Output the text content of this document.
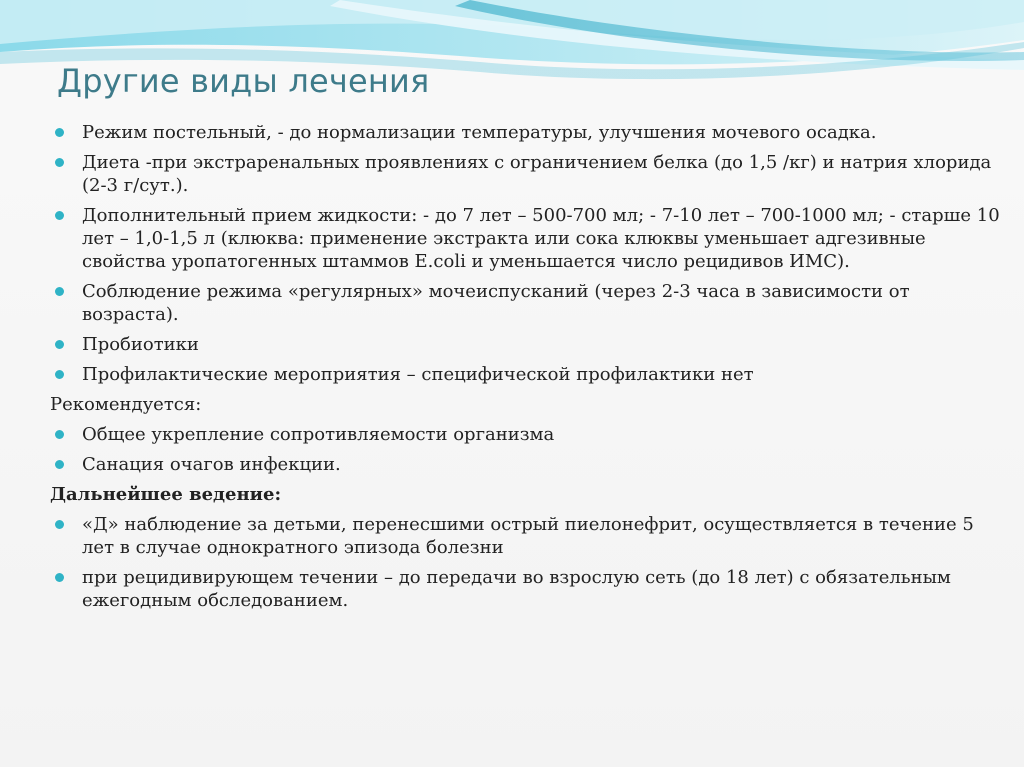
Другие виды лечения
Режим постельный, - до нормализации температуры, улучшения мочевого осадка.
Диета -при экстраренальных проявлениях с ограничением белка (до 1,5 /кг) и натрия хлорида (2-3 г/сут.).
Дополнительный прием жидкости: - до 7 лет – 500-700 мл; - 7-10 лет – 700-1000 мл; - старше 10 лет – 1,0-1,5 л (клюква: применение экстракта или сока клюквы уменьшает адгезивные свойства уропатогенных штаммов E.coli и уменьшается число рецидивов ИМС).
Соблюдение режима «регулярных» мочеиспусканий (через 2-3 часа в зависимости от возраста).
Пробиотики
Профилактические мероприятия – специфической профилактики нет
Рекомендуется:
Общее укрепление сопротивляемости организма
Санация очагов инфекции.
Дальнейшее ведение:
«Д» наблюдение за детьми, перенесшими острый пиелонефрит, осуществляется в течение 5 лет в случае однократного эпизода болезни
при рецидивирующем течении – до передачи во взрослую сеть (до 18 лет) с обязательным ежегодным обследованием.
